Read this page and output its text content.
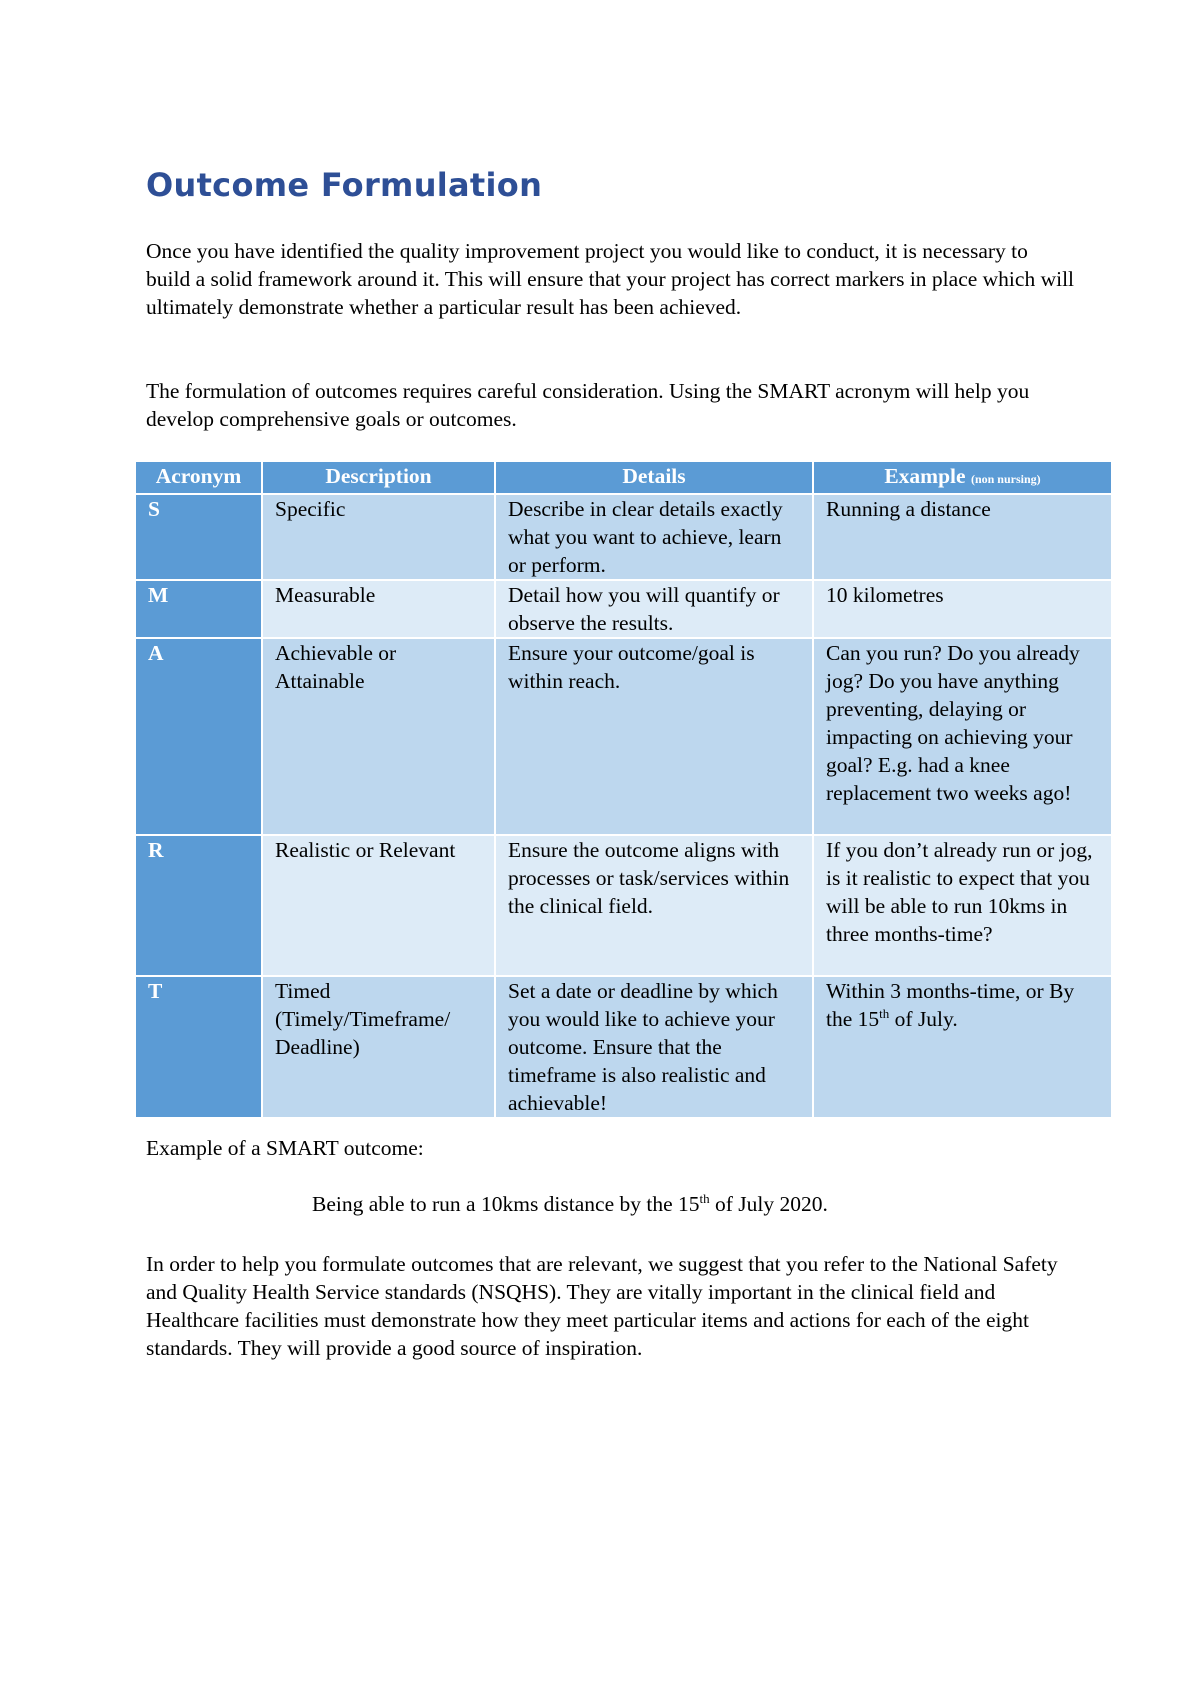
Outcome Formulation

Once you have identified the quality improvement project you would like to conduct, it is necessary to build a solid framework around it. This will ensure that your project has correct markers in place which will ultimately demonstrate whether a particular result has been achieved.

The formulation of outcomes requires careful consideration. Using the SMART acronym will help you develop comprehensive goals or outcomes.

Acronym	Description	Details	Example (non nursing)
S	Specific	Describe in clear details exactly what you want to achieve, learn or perform.	Running a distance
M	Measurable	Detail how you will quantify or observe the results.	10 kilometres
A	Achievable or Attainable	Ensure your outcome/goal is within reach.	Can you run? Do you already jog? Do you have anything preventing, delaying or impacting on achieving your goal? E.g. had a knee replacement two weeks ago!
R	Realistic or Relevant	Ensure the outcome aligns with processes or task/services within the clinical field.	If you don’t already run or jog, is it realistic to expect that you will be able to run 10kms in three months-time?
T	Timed (Timely/Timeframe/ Deadline)	Set a date or deadline by which you would like to achieve your outcome. Ensure that the timeframe is also realistic and achievable!	Within 3 months-time, or By the 15th of July.

Example of a SMART outcome:

Being able to run a 10kms distance by the 15th of July 2020.

In order to help you formulate outcomes that are relevant, we suggest that you refer to the National Safety and Quality Health Service standards (NSQHS). They are vitally important in the clinical field and Healthcare facilities must demonstrate how they meet particular items and actions for each of the eight standards. They will provide a good source of inspiration.
